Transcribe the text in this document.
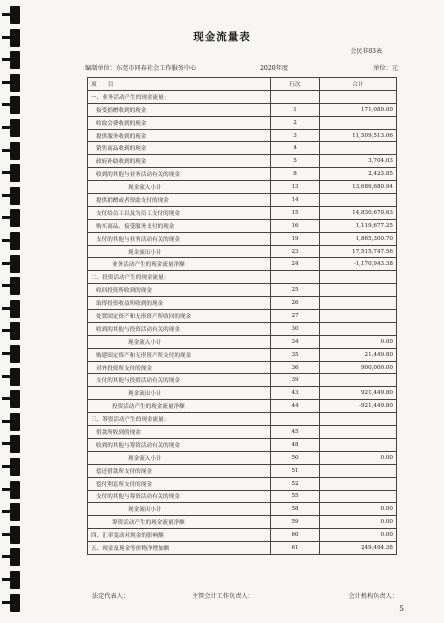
现金流量表
会民非03表
编制单位：东莞市同春社会工作服务中心	2020年度	单位：元
项　　目	行次	合计
一、业务活动产生的现金流量：		
接受捐赠收到的现金	1	171,080.00
收取会费收到的现金	2	
提供服务收到的现金	3	11,509,513.06
销售商品收到的现金	4	
政府补助收到的现金	5	3,704.03
收到的其他与业务活动有关的现金	8	2,423.85
现金流入小计	13	13,686,680.94
提供捐赠或者资助支付的现金	14	
支付给员工以及为员工支付的现金	15	14,830,670.63
购买商品、接受服务支付的现金	16	1,119,677.25
支付的其他与业务活动有关的现金	19	1,865,300.70
现金流出小计	23	17,515,747.56
业务活动产生的现金流量净额	24	-1,170,943.38
二、投资活动产生的现金流量：		
收回投资所收到的现金	25	
取得投资收益所收到的现金	26	
处置固定资产和无形资产所收回的现金	27	
收到的其他与投资活动有关的现金	30	
现金流入小计	34	0.00
购建固定资产和无形资产所支付的现金	35	21,449.80
对外投资所支付的现金	36	900,000.00
支付的其他与投资活动有关的现金	39	
现金流出小计	43	921,449.80
投资活动产生的现金流量净额	44	-921,449.80
三、筹资活动产生的现金流量：		
借款所收到的现金	45	
收到的其他与筹资活动有关的现金	48	
现金流入小计	50	0.00
偿还借款所支付的现金	51	
偿付利息所支付的现金	52	
支付的其他与筹资活动有关的现金	55	
现金流出小计	58	0.00
筹资活动产生的现金流量净额	59	0.00
四、汇率变动对现金的影响额	60	0.00
五、现金及现金等价物净增加额	61	249,494.38
法定代表人：	主管会计工作负责人：	会计机构负责人：
5
